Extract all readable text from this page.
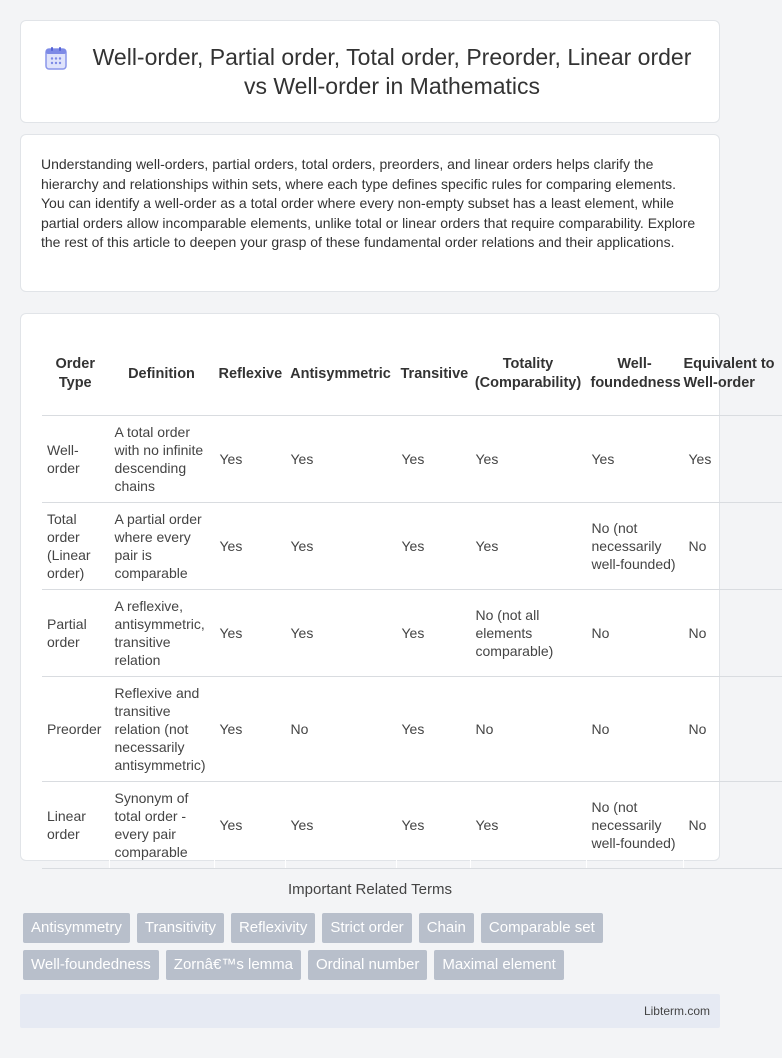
Well-order, Partial order, Total order, Preorder, Linear order vs Well-order in Mathematics

Understanding well-orders, partial orders, total orders, preorders, and linear orders helps clarify the hierarchy and relationships within sets, where each type defines specific rules for comparing elements. You can identify a well-order as a total order where every non-empty subset has a least element, while partial orders allow incomparable elements, unlike total or linear orders that require comparability. Explore the rest of this article to deepen your grasp of these fundamental order relations and their applications.

Order Type	Definition	Reflexive	Antisymmetric	Transitive	Totality (Comparability)	Well-foundedness	Equivalent to Well-order
Well-order	A total order with no infinite descending chains	Yes	Yes	Yes	Yes	Yes	Yes
Total order (Linear order)	A partial order where every pair is comparable	Yes	Yes	Yes	Yes	No (not necessarily well-founded)	No
Partial order	A reflexive, antisymmetric, transitive relation	Yes	Yes	Yes	No (not all elements comparable)	No	No
Preorder	Reflexive and transitive relation (not necessarily antisymmetric)	Yes	No	Yes	No	No	No
Linear order	Synonym of total order - every pair comparable	Yes	Yes	Yes	Yes	No (not necessarily well-founded)	No
Important Related Terms
Antisymmetry	Transitivity	Reflexivity	Strict order	Chain	Comparable set
Well-foundedness	Zornâ€™s lemma	Ordinal number	Maximal element
Libterm.com
